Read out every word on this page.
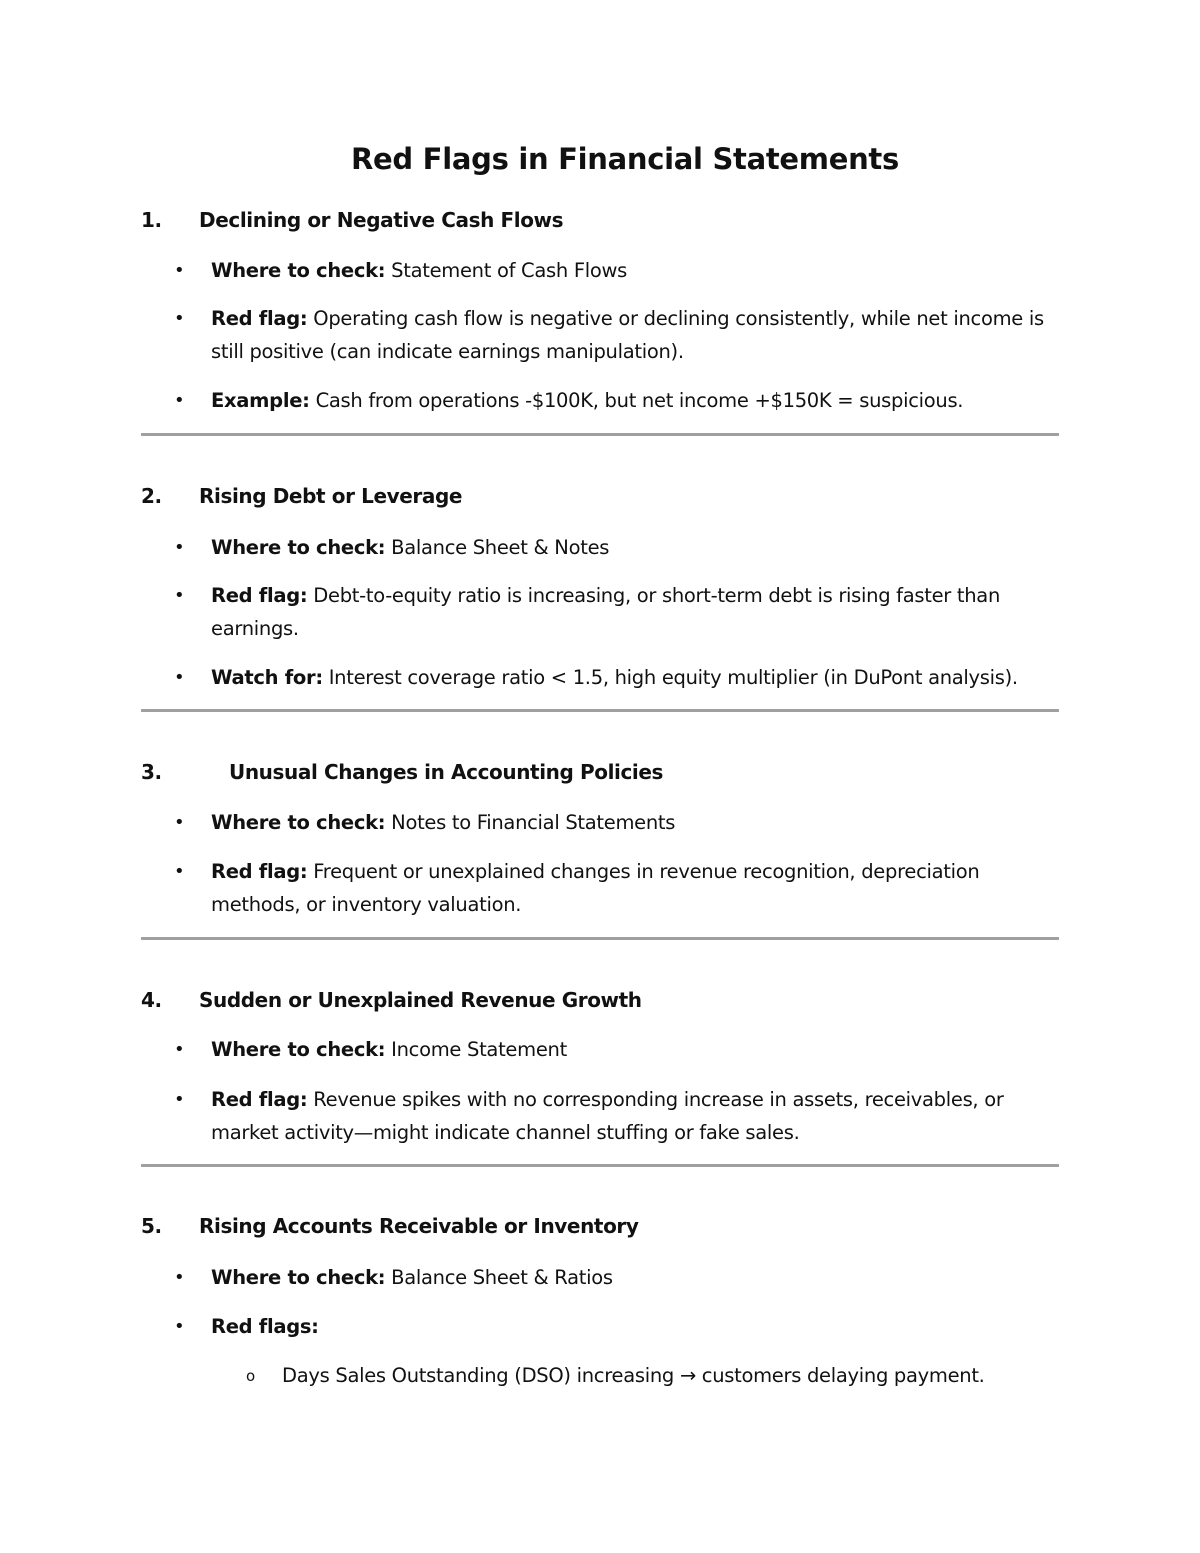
Red Flags in Financial Statements
1. Declining or Negative Cash Flows
• Where to check: Statement of Cash Flows
• Red flag: Operating cash flow is negative or declining consistently, while net income is
still positive (can indicate earnings manipulation).
• Example: Cash from operations -$100K, but net income +$150K = suspicious.
2. Rising Debt or Leverage
• Where to check: Balance Sheet & Notes
• Red flag: Debt-to-equity ratio is increasing, or short-term debt is rising faster than
earnings.
• Watch for: Interest coverage ratio < 1.5, high equity multiplier (in DuPont analysis).
3.	Unusual Changes in Accounting Policies
• Where to check: Notes to Financial Statements
• Red flag: Frequent or unexplained changes in revenue recognition, depreciation
methods, or inventory valuation.
4. Sudden or Unexplained Revenue Growth
• Where to check: Income Statement
• Red flag: Revenue spikes with no corresponding increase in assets, receivables, or
market activity—might indicate channel stuffing or fake sales.
5. Rising Accounts Receivable or Inventory
• Where to check: Balance Sheet & Ratios
• Red flags:
o Days Sales Outstanding (DSO) increasing → customers delaying payment.
